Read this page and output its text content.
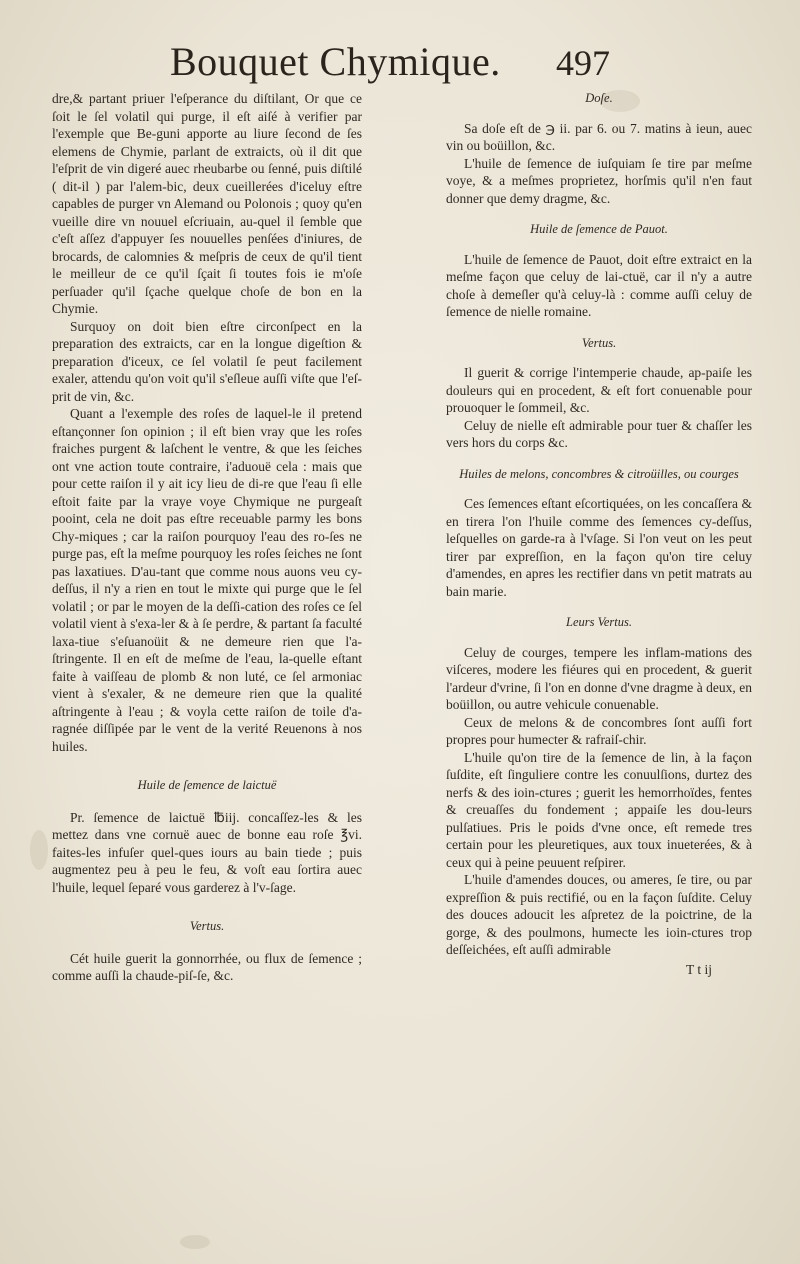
Bouquet Chymique. 497

dre,& partant priuer l'eſperance du diſtilant, Or que ce ſoit le ſel volatil qui purge, il eſt aiſé à verifier par l'exemple que Be-guni apporte au liure ſecond de ſes elemens de Chymie, parlant de extraicts, où il dit que l'eſprit de vin digeré auec rheubarbe ou ſenné, puis diſtilé ( dit-il ) par l'alem-bic, deux cueillerées d'iceluy eſtre capables de purger vn Alemand ou Polonois ; quoy qu'en vueille dire vn nouuel eſcriuain, au-quel il ſemble que c'eſt aſſez d'appuyer ſes nouuelles penſées d'iniures, de brocards, de calomnies & meſpris de ceux de qu'il tient le meilleur de ce qu'il ſçait ſi toutes fois ie m'oſe perſuader qu'il ſçache quelque choſe de bon en la Chymie.

Surquoy on doit bien eſtre circonſpect en la preparation des extraicts, car en la longue digeſtion & preparation d'iceux, ce ſel volatil ſe peut facilement exaler, attendu qu'on voit qu'il s'eſleue auſſi viſte que l'eſ-prit de vin, &c.

Quant a l'exemple des roſes de laquel-le il pretend eſtançonner ſon opinion ; il eſt bien vray que les roſes fraiches purgent & laſchent le ventre, & que les ſeiches ont vne action toute contraire, i'aduouë cela : mais que pour cette raiſon il y ait icy lieu de di-re que l'eau ſi elle eſtoit faite par la vraye voye Chymique ne purgeaſt pooint, cela ne doit pas eſtre receuable parmy les bons Chy-miques ; car la raiſon pourquoy l'eau des ro-ſes ne purge pas, eſt la meſme pourquoy les roſes ſeiches ne ſont pas laxatiues. D'au-tant que comme nous auons veu cy-deſſus, il n'y a rien en tout le mixte qui purge que le ſel volatil ; or par le moyen de la deſſi-cation des roſes ce ſel volatil vient à s'exa-ler & à ſe perdre, & partant ſa faculté laxa-tiue s'eſuanoüit & ne demeure rien que l'a-ſtringente. Il en eſt de meſme de l'eau, la-quelle eſtant faite à vaiſſeau de plomb & non luté, ce ſel armoniac vient à s'exaler, & ne demeure rien que la qualité aſtringente à l'eau ; & voyla cette raiſon de toile d'a-ragnée diſſipée par le vent de la verité Reuenons à nos huiles.

Huile de ſemence de laictuë

Pr. ſemence de laictuë ℔iij. concaſſez-les & les mettez dans vne cornuë auec de bonne eau roſe ℥vi. faites-les infuſer quel-ques iours au bain tiede ; puis augmentez peu à peu le feu, & voſt eau ſortira auec l'huile, lequel ſeparé vous garderez à l'v-ſage.

Vertus.

Cét huile guerit la gonnorrhée, ou flux de ſemence ; comme auſſi la chaude-piſ-ſe, &c.

Doſe.

Sa doſe eſt de ℈ ii. par 6. ou 7. matins à ieun, auec vin ou boüillon, &c.

L'huile de ſemence de iuſquiam ſe tire par meſme voye, & a meſmes proprietez, horſmis qu'il n'en faut donner que demy dragme, &c.

Huile de ſemence de Pauot.

L'huile de ſemence de Pauot, doit eſtre extraict en la meſme façon que celuy de lai-ctuë, car il n'y a autre choſe à demeſler qu'à celuy-là : comme auſſi celuy de ſemence de nielle romaine.

Vertus.

Il guerit & corrige l'intemperie chaude, ap-paiſe les douleurs qui en procedent, & eſt fort conuenable pour prouoquer le ſommeil, &c.

Celuy de nielle eſt admirable pour tuer & chaſſer les vers hors du corps &c.

Huiles de melons, concombres & citroüilles, ou courges

Ces ſemences eſtant eſcortiquées, on les concaſſera & en tirera l'on l'huile comme des ſemences cy-deſſus, leſquelles on garde-ra à l'vſage. Si l'on veut on les peut tirer par expreſſion, en la façon qu'on tire celuy d'amendes, en apres les rectifier dans vn petit matrats au bain marie.

Leurs Vertus.

Celuy de courges, tempere les inflam-mations des viſceres, modere les fiéures qui en procedent, & guerit l'ardeur d'vrine, ſi l'on en donne d'vne dragme à deux, en boüillon, ou autre vehicule conuenable.

Ceux de melons & de concombres ſont auſſi fort propres pour humecter & rafraiſ-chir.

L'huile qu'on tire de la ſemence de lin, à la façon ſuſdite, eſt ſinguliere contre les conuulſions, durtez des nerfs & des ioin-ctures ; guerit les hemorrhoïdes, fentes & creuaſſes du fondement ; appaiſe les dou-leurs pulſatiues. Pris le poids d'vne once, eſt remede tres certain pour les pleuretiques, aux toux inueterées, & à ceux qui à peine peuuent reſpirer.

L'huile d'amendes douces, ou ameres, ſe tire, ou par expreſſion & puis rectifié, ou en la façon ſuſdite. Celuy des douces adoucit les aſpretez de la poictrine, de la gorge, & des poulmons, humecte les ioin-ctures trop deſſeichées, eſt auſſi admirable

T t ij
